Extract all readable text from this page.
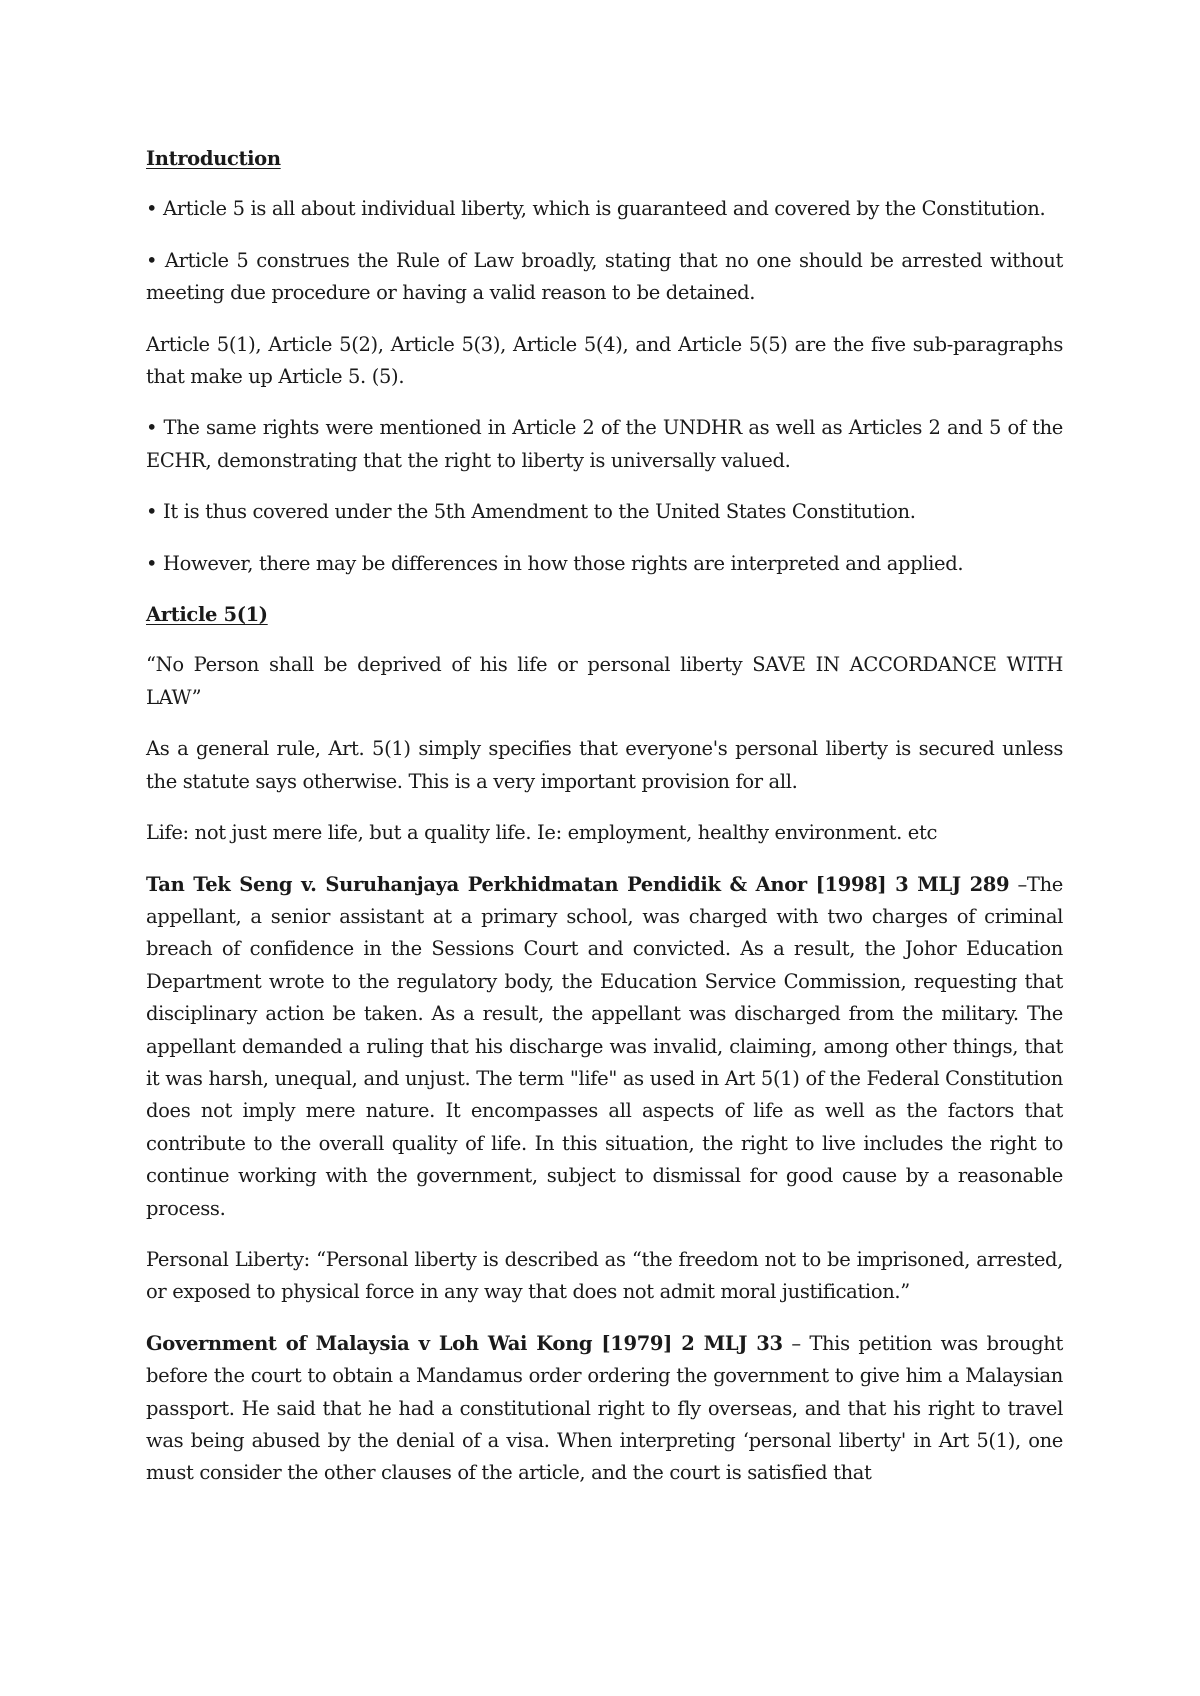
Introduction

• Article 5 is all about individual liberty, which is guaranteed and covered by the Constitution.

• Article 5 construes the Rule of Law broadly, stating that no one should be arrested without meeting due procedure or having a valid reason to be detained.

Article 5(1), Article 5(2), Article 5(3), Article 5(4), and Article 5(5) are the five sub-paragraphs that make up Article 5. (5).

• The same rights were mentioned in Article 2 of the UNDHR as well as Articles 2 and 5 of the ECHR, demonstrating that the right to liberty is universally valued.

• It is thus covered under the 5th Amendment to the United States Constitution.

• However, there may be differences in how those rights are interpreted and applied.

Article 5(1)

“No Person shall be deprived of his life or personal liberty SAVE IN ACCORDANCE WITH LAW”

As a general rule, Art. 5(1) simply specifies that everyone's personal liberty is secured unless the statute says otherwise. This is a very important provision for all.

Life: not just mere life, but a quality life. Ie: employment, healthy environment. etc

Tan Tek Seng v. Suruhanjaya Perkhidmatan Pendidik & Anor [1998] 3 MLJ 289 –The appellant, a senior assistant at a primary school, was charged with two charges of criminal breach of confidence in the Sessions Court and convicted. As a result, the Johor Education Department wrote to the regulatory body, the Education Service Commission, requesting that disciplinary action be taken. As a result, the appellant was discharged from the military. The appellant demanded a ruling that his discharge was invalid, claiming, among other things, that it was harsh, unequal, and unjust. The term "life" as used in Art 5(1) of the Federal Constitution does not imply mere nature. It encompasses all aspects of life as well as the factors that contribute to the overall quality of life. In this situation, the right to live includes the right to continue working with the government, subject to dismissal for good cause by a reasonable process.

Personal Liberty: “Personal liberty is described as “the freedom not to be imprisoned, arrested, or exposed to physical force in any way that does not admit moral justification.”

Government of Malaysia v Loh Wai Kong [1979] 2 MLJ 33 – This petition was brought before the court to obtain a Mandamus order ordering the government to give him a Malaysian passport. He said that he had a constitutional right to fly overseas, and that his right to travel was being abused by the denial of a visa. When interpreting ‘personal liberty' in Art 5(1), one must consider the other clauses of the article, and the court is satisfied that
